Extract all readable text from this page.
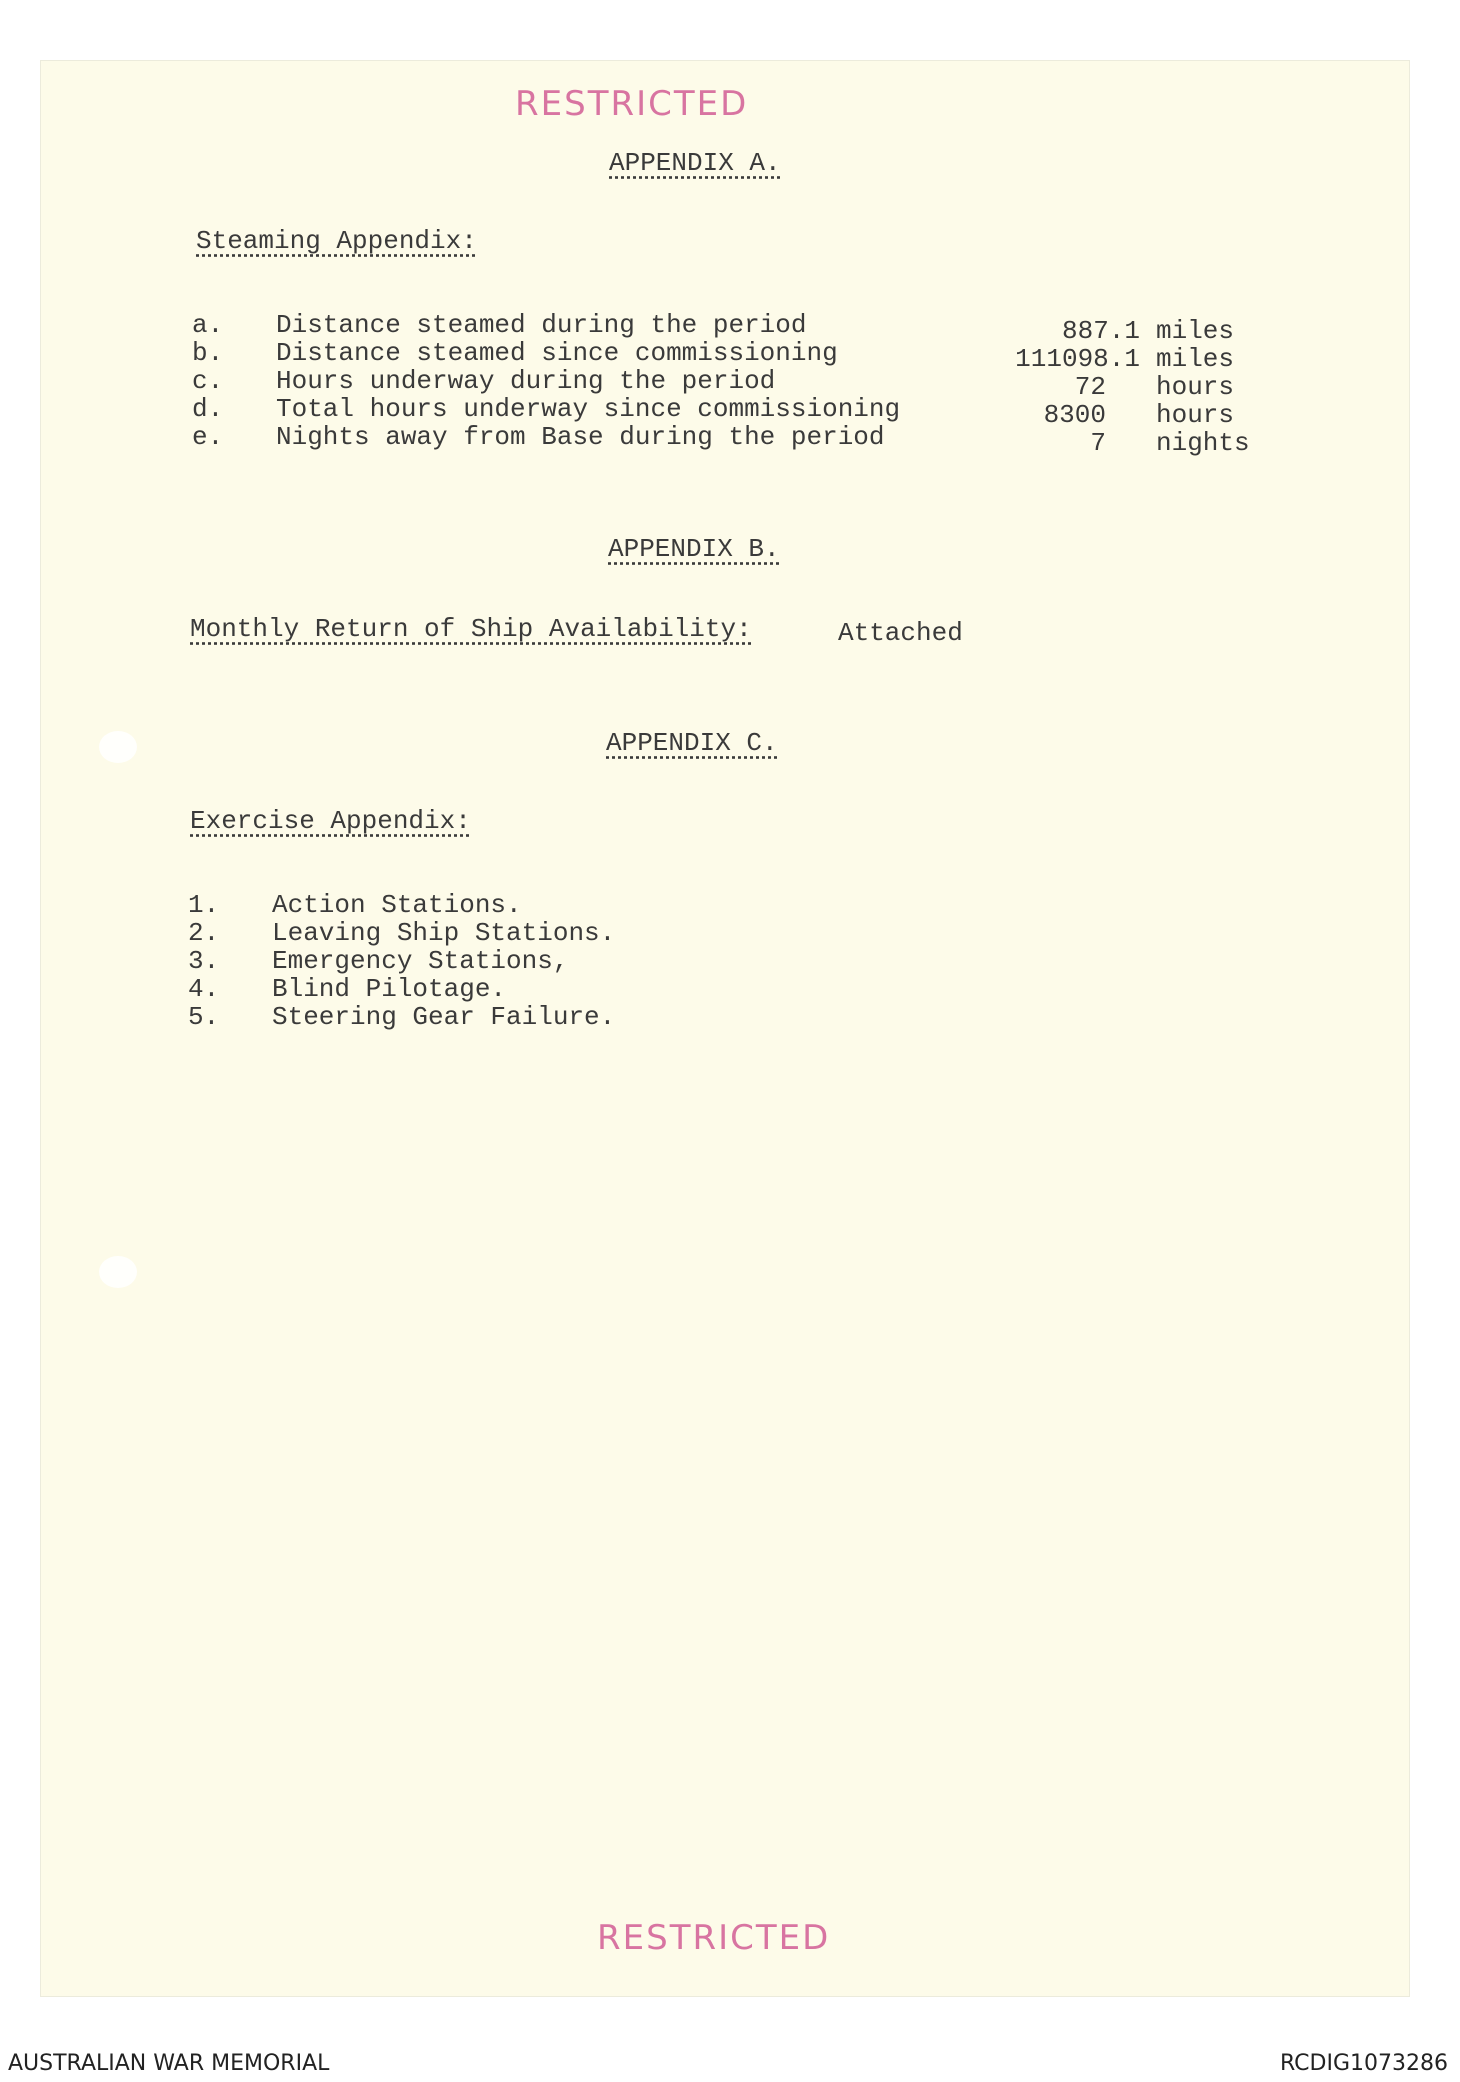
RESTRICTED
APPENDIX A.
Steaming Appendix:
a. Distance steamed during the period	887.1 miles
b. Distance steamed since commissioning	111098.1 miles
c. Hours underway during the period	72 hours
d. Total hours underway since commissioning	8300 hours
e. Nights away from Base during the period	7 nights
APPENDIX B.
Monthly Return of Ship Availability:	Attached
APPENDIX C.
Exercise Appendix:
1. Action Stations.
2. Leaving Ship Stations.
3. Emergency Stations,
4. Blind Pilotage.
5. Steering Gear Failure.
RESTRICTED
AUSTRALIAN WAR MEMORIAL	RCDIG1073286
